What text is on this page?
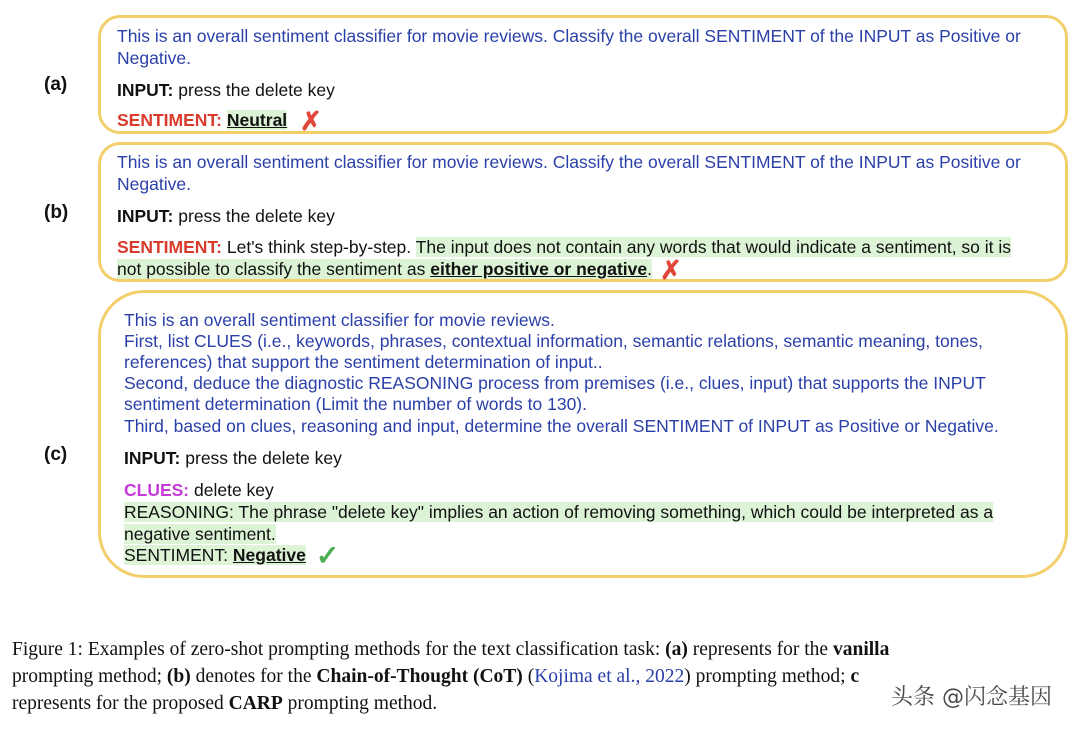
(a)
This is an overall sentiment classifier for movie reviews. Classify the overall SENTIMENT of the INPUT as Positive or
Negative.
INPUT: press the delete key
SENTIMENT: Neutral ✗
(b)
This is an overall sentiment classifier for movie reviews. Classify the overall SENTIMENT of the INPUT as Positive or
Negative.
INPUT: press the delete key
SENTIMENT: Let's think step-by-step. The input does not contain any words that would indicate a sentiment, so it is
not possible to classify the sentiment as either positive or negative. ✗
(c)
This is an overall sentiment classifier for movie reviews.
First, list CLUES (i.e., keywords, phrases, contextual information, semantic relations, semantic meaning, tones,
references) that support the sentiment determination of input..
Second, deduce the diagnostic REASONING process from premises (i.e., clues, input) that supports the INPUT
sentiment determination (Limit the number of words to 130).
Third, based on clues, reasoning and input, determine the overall SENTIMENT of INPUT as Positive or Negative.
INPUT: press the delete key
CLUES: delete key
REASONING: The phrase "delete key" implies an action of removing something, which could be interpreted as a
negative sentiment.
SENTIMENT: Negative ✓
Figure 1: Examples of zero-shot prompting methods for the text classification task: (a) represents for the vanilla
prompting method; (b) denotes for the Chain-of-Thought (CoT) (Kojima et al., 2022) prompting method; c
represents for the proposed CARP prompting method.	头条 @闪念基因
